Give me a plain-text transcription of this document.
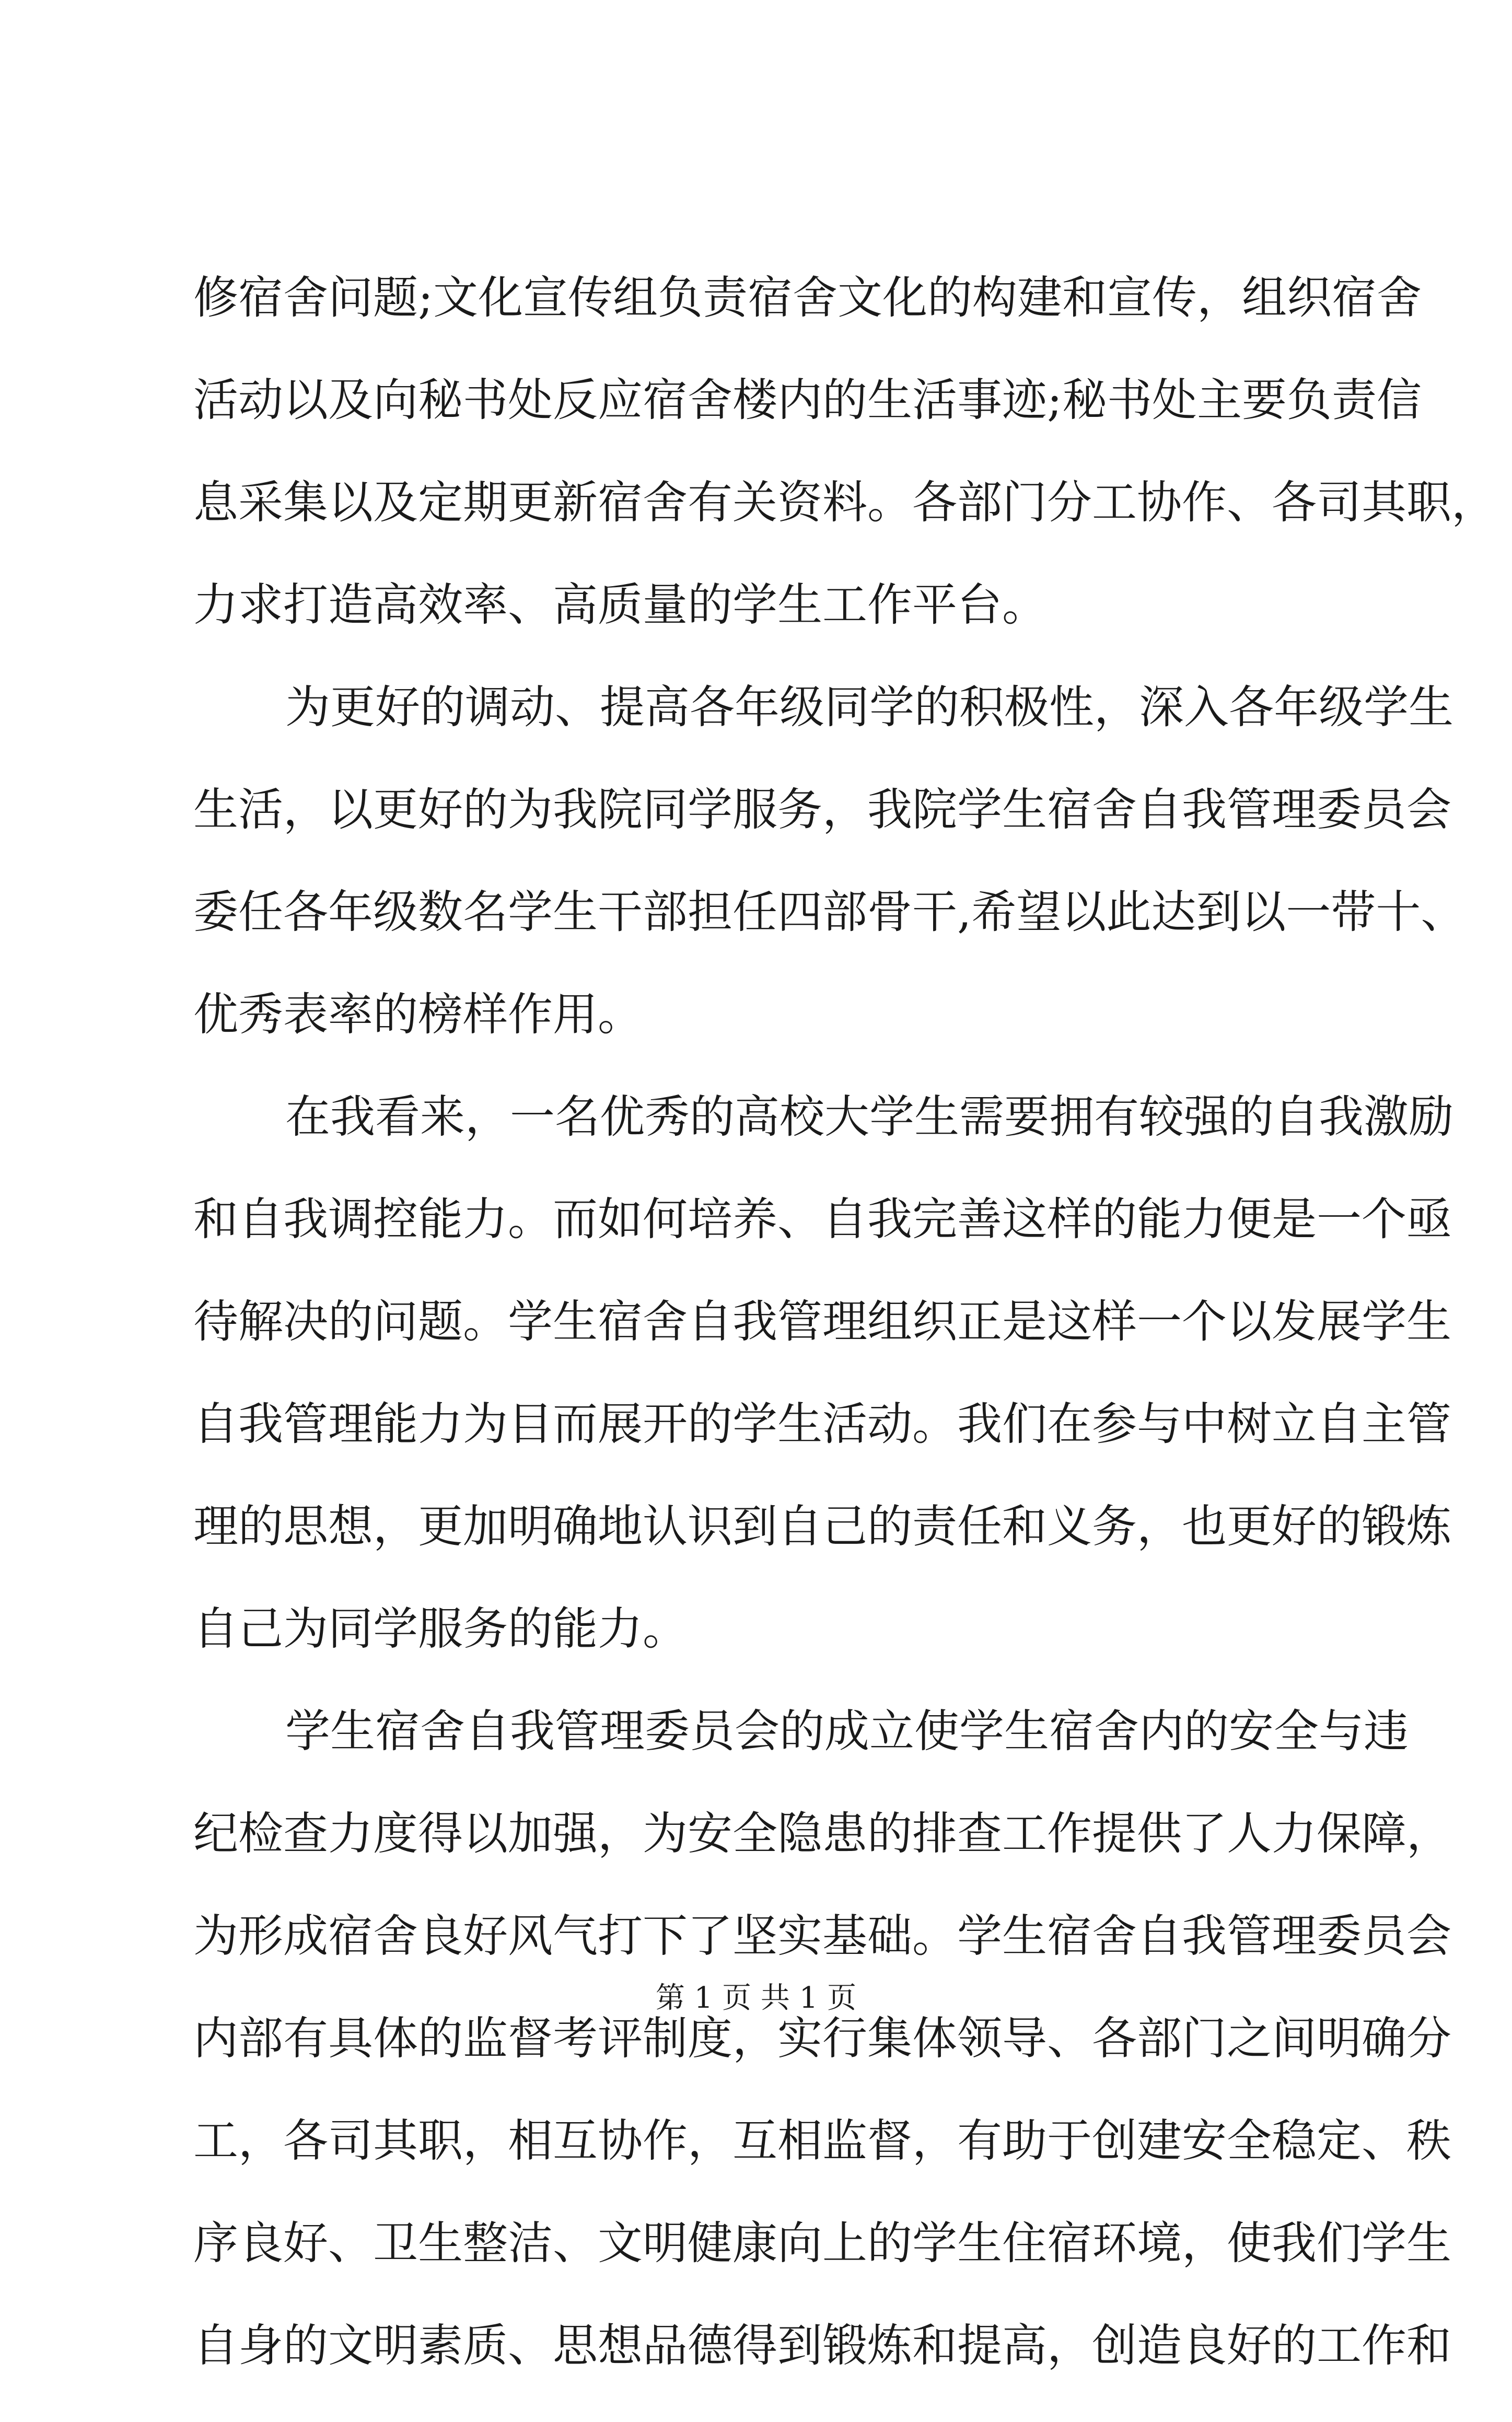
修宿舍问题;文化宣传组负责宿舍文化的构建和宣传，组织宿舍
活动以及向秘书处反应宿舍楼内的生活事迹;秘书处主要负责信
息采集以及定期更新宿舍有关资料。各部门分工协作、各司其职，
力求打造高效率、高质量的学生工作平台。
为更好的调动、提高各年级同学的积极性，深入各年级学生
生活，以更好的为我院同学服务，我院学生宿舍自我管理委员会
委任各年级数名学生干部担任四部骨干,希望以此达到以一带十、
优秀表率的榜样作用。
在我看来，一名优秀的高校大学生需要拥有较强的自我激励
和自我调控能力。而如何培养、自我完善这样的能力便是一个亟
待解决的问题。学生宿舍自我管理组织正是这样一个以发展学生
自我管理能力为目而展开的学生活动。我们在参与中树立自主管
理的思想，更加明确地认识到自己的责任和义务，也更好的锻炼
自己为同学服务的能力。
学生宿舍自我管理委员会的成立使学生宿舍内的安全与违
纪检查力度得以加强，为安全隐患的排查工作提供了人力保障，
为形成宿舍良好风气打下了坚实基础。学生宿舍自我管理委员会
内部有具体的监督考评制度，实行集体领导、各部门之间明确分
工，各司其职，相互协作，互相监督，有助于创建安全稳定、秩
序良好、卫生整洁、文明健康向上的学生住宿环境，使我们学生
自身的文明素质、思想品德得到锻炼和提高，创造良好的工作和
第 1 页 共 1 页
